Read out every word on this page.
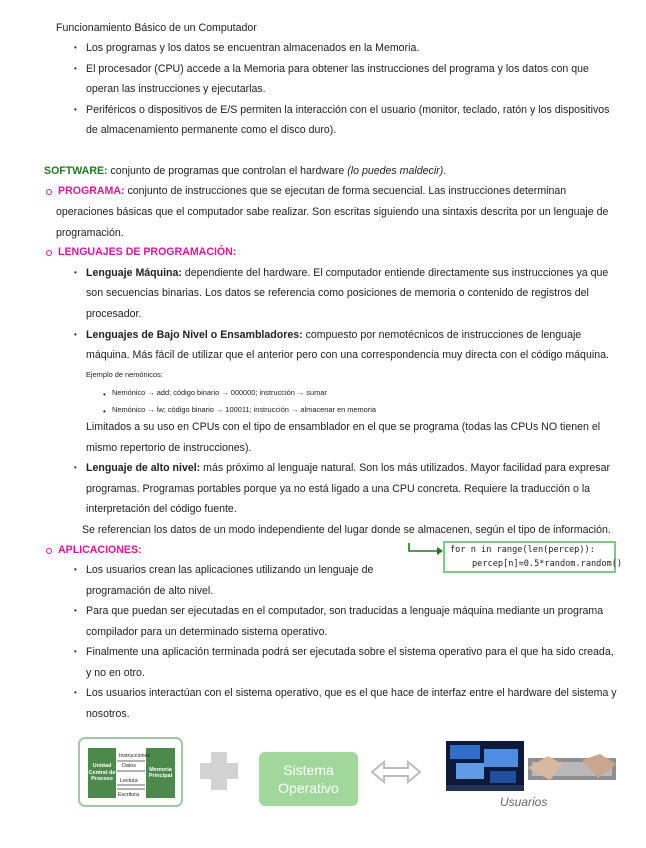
Funcionamiento Básico de un Computador
• Los programas y los datos se encuentran almacenados en la Memoria.
• El procesador (CPU) accede a la Memoria para obtener las instrucciones del programa y los datos con que
operan las instrucciones y ejecutarlas.
• Periféricos o dispositivos de E/S permiten la interacción con el usuario (monitor, teclado, ratón y los dispositivos
de almacenamiento permanente como el disco duro).
SOFTWARE: conjunto de programas que controlan el hardware (lo puedes maldecir).
PROGRAMA: conjunto de instrucciones que se ejecutan de forma secuencial. Las instrucciones determinan
operaciones básicas que el computador sabe realizar. Son escritas siguiendo una sintaxis descrita por un lenguaje de
programación.
LENGUAJES DE PROGRAMACIÓN:
• Lenguaje Máquina: dependiente del hardware. El computador entiende directamente sus instrucciones ya que
son secuencias binarias. Los datos se referencia como posiciones de memoria o contenido de registros del
procesador.
• Lenguajes de Bajo Nivel o Ensambladores: compuesto por nemotécnicos de instrucciones de lenguaje
máquina. Más fácil de utilizar que el anterior pero con una correspondencia muy directa con el código máquina.
Ejemplo de nemónicos:
• Nemónico → add; código binario → 000000; instrucción → sumar
• Nemónico → lw; código binario → 100011; instrucción → almacenar en memoria
Limitados a su uso en CPUs con el tipo de ensamblador en el que se programa (todas las CPUs NO tienen el
mismo repertorio de instrucciones).
• Lenguaje de alto nivel: más próximo al lenguaje natural. Son los más utilizados. Mayor facilidad para expresar
programas. Programas portables porque ya no está ligado a una CPU concreta. Requiere la traducción o la
interpretación del código fuente.
Se referencian los datos de un modo independiente del lugar donde se almacenen, según el tipo de información.
APLICACIONES:	for n in range(len(percep)):
percep[n]=0.5*random.random()
• Los usuarios crean las aplicaciones utilizando un lenguaje de
programación de alto nivel.
• Para que puedan ser ejecutadas en el computador, son traducidas a lenguaje máquina mediante un programa
compilador para un determinado sistema operativo.
• Finalmente una aplicación terminada podrá ser ejecutada sobre el sistema operativo para el que ha sido creada,
y no en otro.
• Los usuarios interactúan con el sistema operativo, que es el que hace de interfaz entre el hardware del sistema y
nosotros.
Unidad Central de Proceso
Memoria Principal
Instrucciones
Datos
Lectura
Escritura
Sistema Operativo
Usuarios
